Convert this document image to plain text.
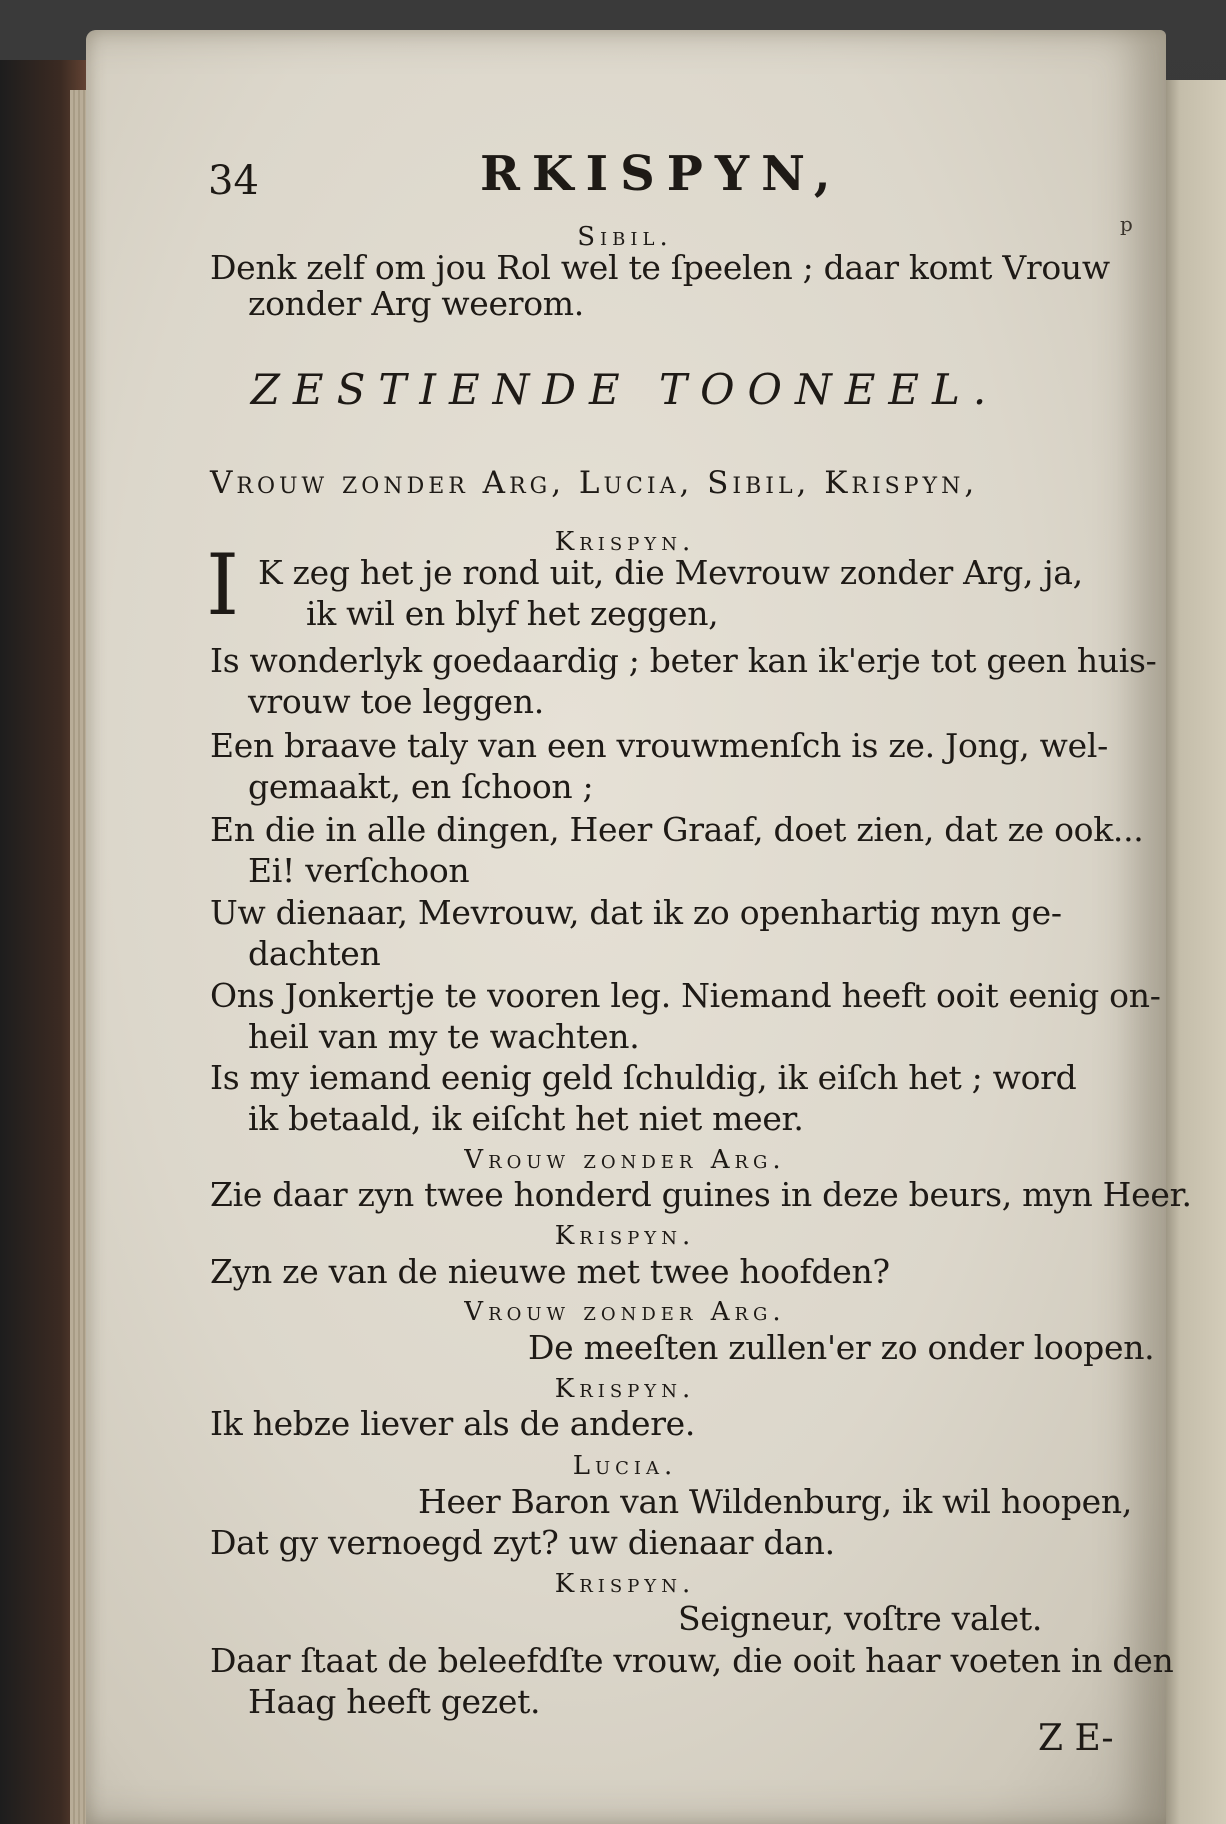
34	RKISPYN,
p
Sibil.
Denk zelf om jou Rol wel te ſpeelen ; daar komt Vrouw
zonder Arg weerom.
ZESTIENDE TOONEEL.
Vrouw zonder Arg, Lucia, Sibil, Krispyn,
Krispyn.
I K zeg het je rond uit, die Mevrouw zonder Arg, ja,
ik wil en blyf het zeggen,
Is wonderlyk goedaardig ; beter kan ik'erje tot geen huis-
vrouw toe leggen.
Een braave taly van een vrouwmenſch is ze. Jong, wel-
gemaakt, en ſchoon ;
En die in alle dingen, Heer Graaf, doet zien, dat ze ook...
Ei! verſchoon
Uw dienaar, Mevrouw, dat ik zo openhartig myn ge-
dachten
Ons Jonkertje te vooren leg. Niemand heeft ooit eenig on-
heil van my te wachten.
Is my iemand eenig geld ſchuldig, ik eiſch het ; word
ik betaald, ik eiſcht het niet meer.
Vrouw zonder Arg.
Zie daar zyn twee honderd guines in deze beurs, myn Heer.
Krispyn.
Zyn ze van de nieuwe met twee hoofden?
Vrouw zonder Arg.
De meeſten zullen'er zo onder loopen.
Krispyn.
Ik hebze liever als de andere.
Lucia.
Heer Baron van Wildenburg, ik wil hoopen,
Dat gy vernoegd zyt? uw dienaar dan.
Krispyn.
Seigneur, voſtre valet.
Daar ſtaat de beleefdſte vrouw, die ooit haar voeten in den
Haag heeft gezet.
Z E-
